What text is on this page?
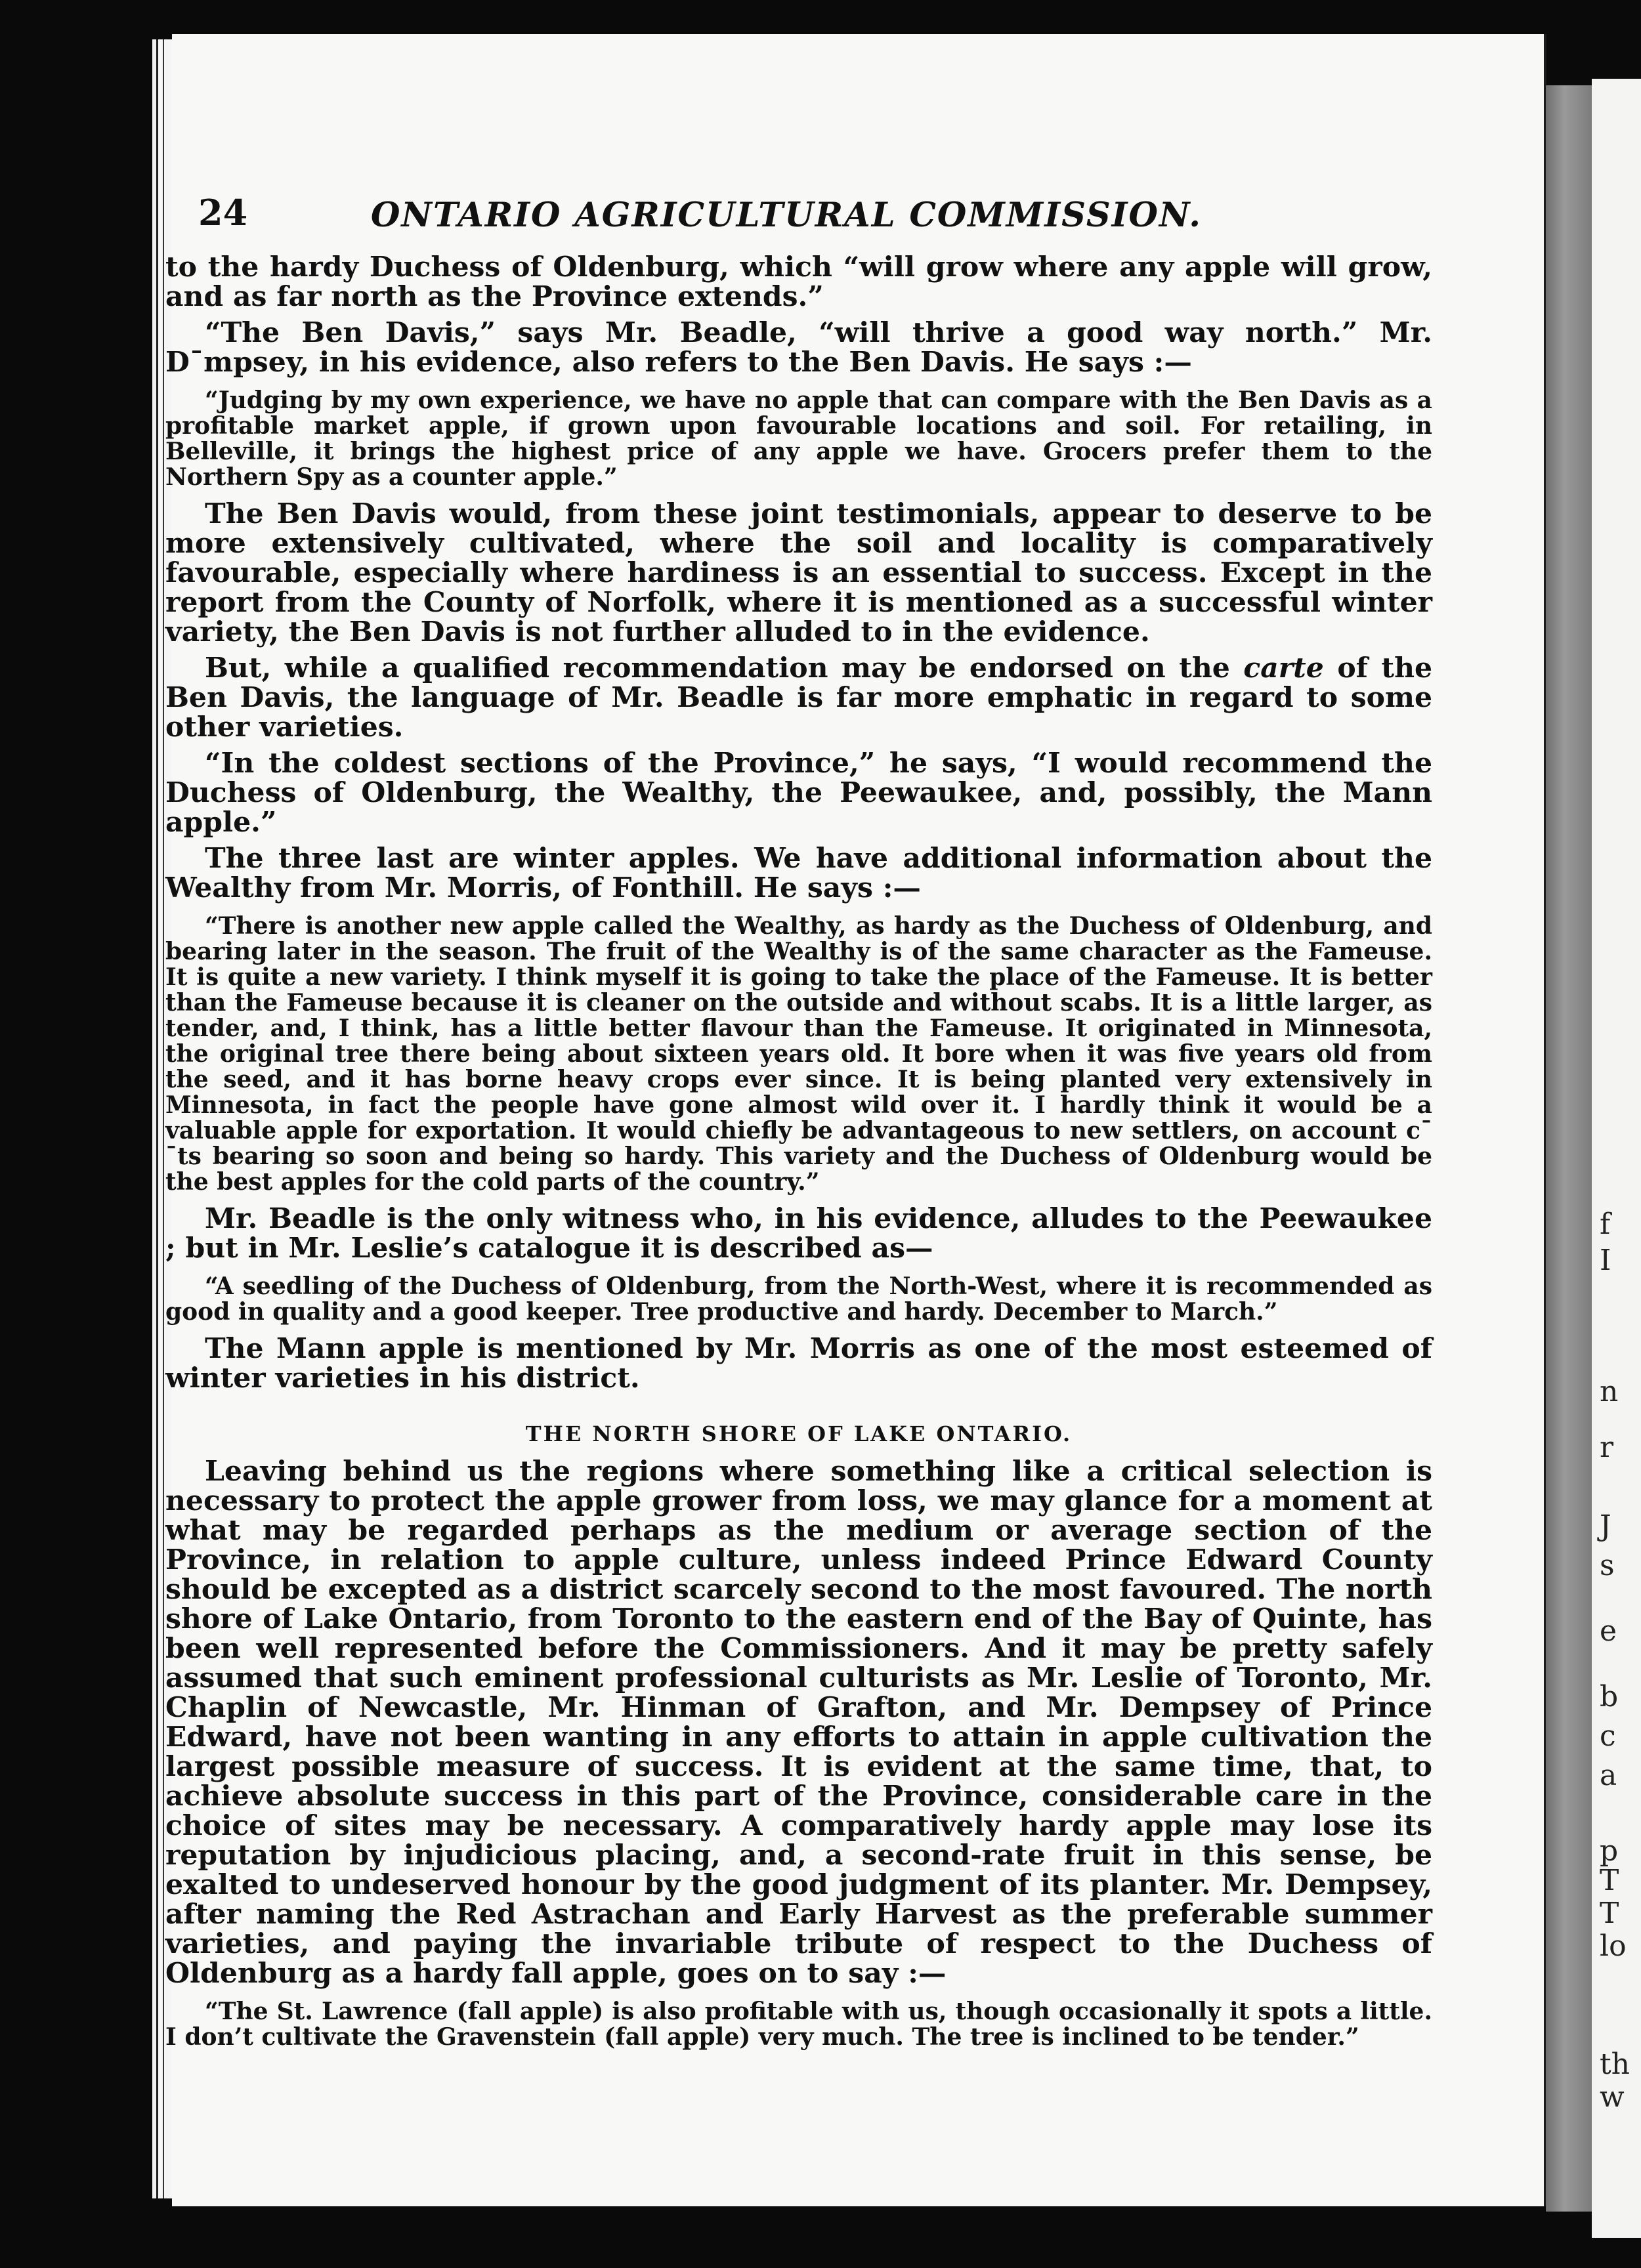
f
I
n
r
J
s
e
b
c
a
p
T
T
lo
th
w
24	ONTARIO AGRICULTURAL COMMISSION.

to the hardy Duchess of Oldenburg, which “will grow where any apple will grow, and as far north as the Province extends.”

“The Ben Davis,” says Mr. Beadle, “will thrive a good way north.” Mr. Dˉmpsey, in his evidence, also refers to the Ben Davis. He says :—

“Judging by my own experience, we have no apple that can compare with the Ben Davis as a profitable market apple, if grown upon favourable locations and soil. For retailing, in Belleville, it brings the highest price of any apple we have. Grocers prefer them to the Northern Spy as a counter apple.”

The Ben Davis would, from these joint testimonials, appear to deserve to be more extensively cultivated, where the soil and locality is comparatively favourable, especially where hardiness is an essential to success. Except in the report from the County of Norfolk, where it is mentioned as a successful winter variety, the Ben Davis is not further alluded to in the evidence.

But, while a qualified recommendation may be endorsed on the carte of the Ben Davis, the language of Mr. Beadle is far more emphatic in regard to some other varieties.

“In the coldest sections of the Province,” he says, “I would recommend the Duchess of Oldenburg, the Wealthy, the Peewaukee, and, possibly, the Mann apple.”

The three last are winter apples. We have additional information about the Wealthy from Mr. Morris, of Fonthill. He says :—

“There is another new apple called the Wealthy, as hardy as the Duchess of Oldenburg, and bearing later in the season. The fruit of the Wealthy is of the same character as the Fameuse. It is quite a new variety. I think myself it is going to take the place of the Fameuse. It is better than the Fameuse because it is cleaner on the outside and without scabs. It is a little larger, as tender, and, I think, has a little better flavour than the Fameuse. It originated in Minnesota, the original tree there being about sixteen years old. It bore when it was five years old from the seed, and it has borne heavy crops ever since. It is being planted very extensively in Minnesota, in fact the people have gone almost wild over it. I hardly think it would be a valuable apple for exportation. It would chiefly be advantageous to new settlers, on account cˉ ˉts bearing so soon and being so hardy. This variety and the Duchess of Oldenburg would be the best apples for the cold parts of the country.”

Mr. Beadle is the only witness who, in his evidence, alludes to the Peewaukee ; but in Mr. Leslie’s catalogue it is described as—

“A seedling of the Duchess of Oldenburg, from the North-West, where it is recommended as good in quality and a good keeper. Tree productive and hardy. December to March.”

The Mann apple is mentioned by Mr. Morris as one of the most esteemed of winter varieties in his district.

THE NORTH SHORE OF LAKE ONTARIO.

Leaving behind us the regions where something like a critical selection is necessary to protect the apple grower from loss, we may glance for a moment at what may be regarded perhaps as the medium or average section of the Province, in relation to apple culture, unless indeed Prince Edward County should be excepted as a district scarcely second to the most favoured. The north shore of Lake Ontario, from Toronto to the eastern end of the Bay of Quinte, has been well represented before the Commissioners. And it may be pretty safely assumed that such eminent professional culturists as Mr. Leslie of Toronto, Mr. Chaplin of Newcastle, Mr. Hinman of Grafton, and Mr. Dempsey of Prince Edward, have not been wanting in any efforts to attain in apple cultivation the largest possible measure of success. It is evident at the same time, that, to achieve absolute success in this part of the Province, considerable care in the choice of sites may be necessary. A comparatively hardy apple may lose its reputation by injudicious placing, and, a second-rate fruit in this sense, be exalted to undeserved honour by the good judgment of its planter. Mr. Dempsey, after naming the Red Astrachan and Early Harvest as the preferable summer varieties, and paying the invariable tribute of respect to the Duchess of Oldenburg as a hardy fall apple, goes on to say :—

“The St. Lawrence (fall apple) is also profitable with us, though occasionally it spots a little. I don’t cultivate the Gravenstein (fall apple) very much. The tree is inclined to be tender.”
